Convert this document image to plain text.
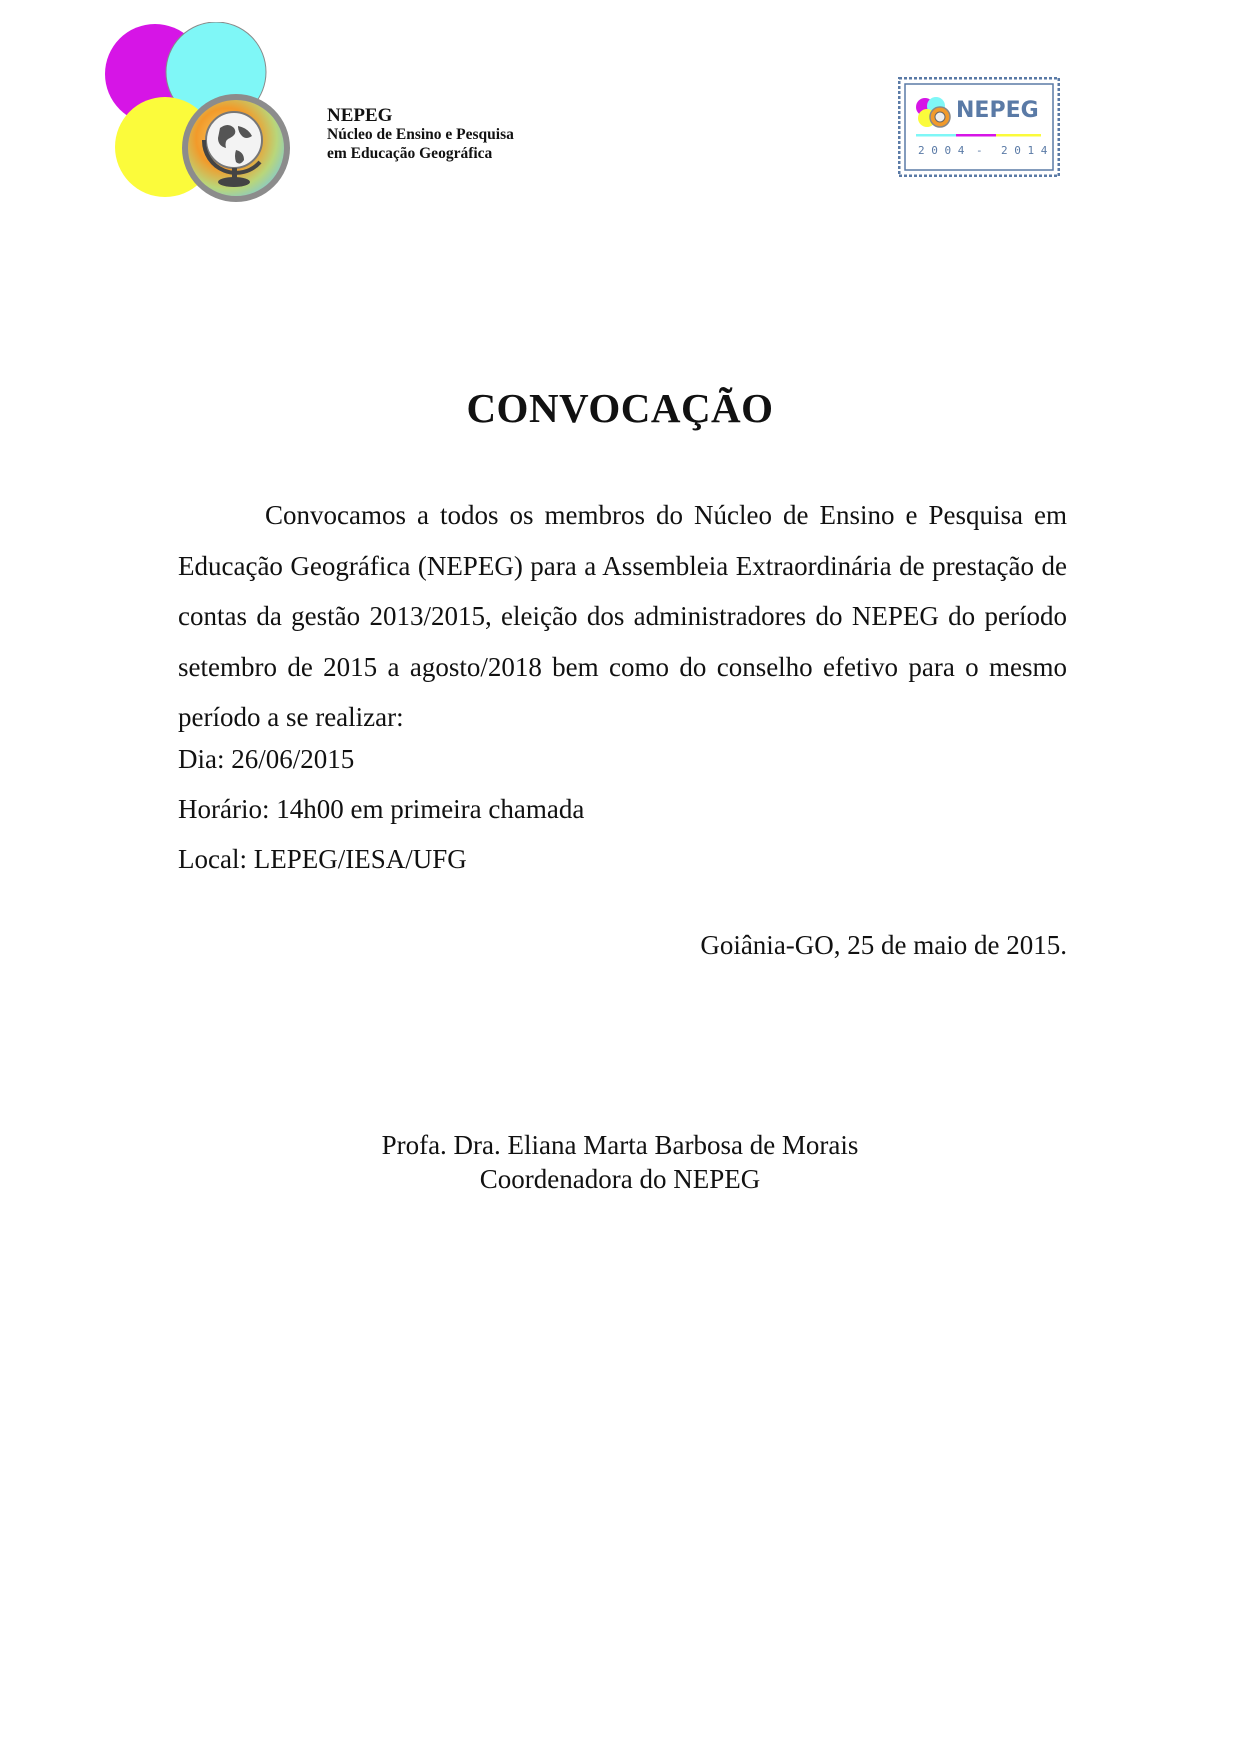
NEPEG
Núcleo de Ensino e Pesquisa
em Educação Geográfica
NEPEG
2 0 0 4 - 2 0 1 4
CONVOCAÇÃO

Convocamos a todos os membros do Núcleo de Ensino e Pesquisa em Educação Geográfica (NEPEG) para a Assembleia Extraordinária de prestação de contas da gestão 2013/2015, eleição dos administradores do NEPEG do período setembro de 2015 a agosto/2018 bem como do conselho efetivo para o mesmo período a se realizar:

Dia: 26/06/2015

Horário: 14h00 em primeira chamada

Local: LEPEG/IESA/UFG

Goiânia-GO, 25 de maio de 2015.

Profa. Dra. Eliana Marta Barbosa de Morais

Coordenadora do NEPEG
